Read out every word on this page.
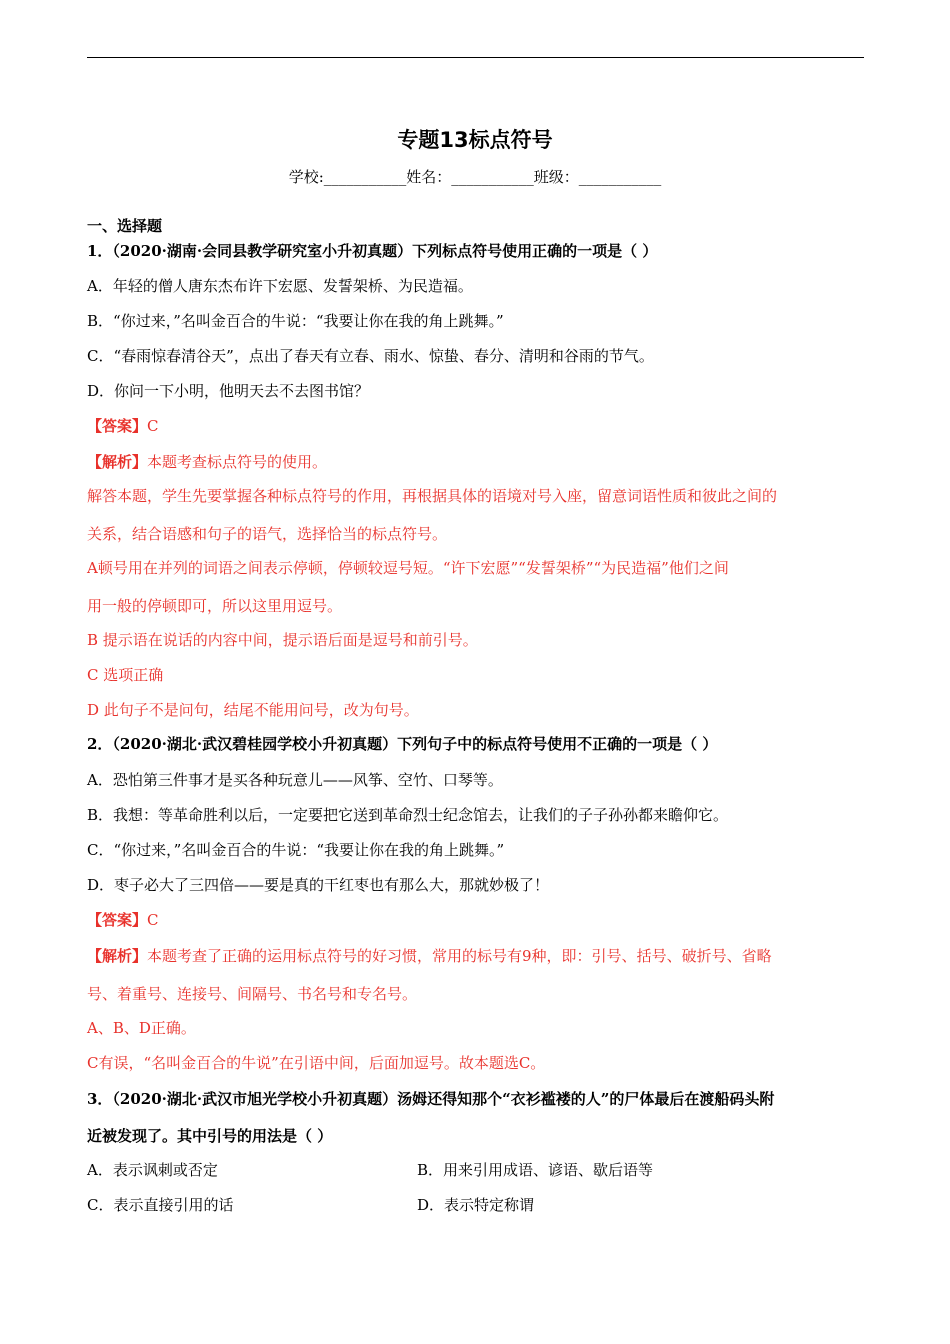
专题13标点符号
学校:___________姓名：___________班级：___________
一、选择题
1．（2020·湖南·会同县教学研究室小升初真题）下列标点符号使用正确的一项是（ ）
A．年轻的僧人唐东杰布许下宏愿、发誓架桥、为民造福。
B．“你过来，”名叫金百合的牛说：“我要让你在我的角上跳舞。”
C．“春雨惊春清谷天”，点出了春天有立春、雨水、惊蛰、春分、清明和谷雨的节气。
D．你问一下小明，他明天去不去图书馆？
【答案】C
【解析】本题考查标点符号的使用。
解答本题，学生先要掌握各种标点符号的作用，再根据具体的语境对号入座，留意词语性质和彼此之间的
关系，结合语感和句子的语气，选择恰当的标点符号。
A顿号用在并列的词语之间表示停顿，停顿较逗号短。“许下宏愿”“发誓架桥”“为民造福”他们之间
用一般的停顿即可，所以这里用逗号。
B 提示语在说话的内容中间，提示语后面是逗号和前引号。
C 选项正确
D 此句子不是问句，结尾不能用问号，改为句号。
2．（2020·湖北·武汉碧桂园学校小升初真题）下列句子中的标点符号使用不正确的一项是（ ）
A．恐怕第三件事才是买各种玩意儿——风筝、空竹、口琴等。
B．我想：等革命胜利以后，一定要把它送到革命烈士纪念馆去，让我们的子子孙孙都来瞻仰它。
C．“你过来，”名叫金百合的牛说：“我要让你在我的角上跳舞。”
D．枣子必大了三四倍——要是真的干红枣也有那么大，那就妙极了！
【答案】C
【解析】本题考查了正确的运用标点符号的好习惯，常用的标号有9种，即：引号、括号、破折号、省略
号、着重号、连接号、间隔号、书名号和专名号。
A、B、D正确。
C有误，“名叫金百合的牛说”在引语中间，后面加逗号。故本题选C。
3．（2020·湖北·武汉市旭光学校小升初真题）汤姆还得知那个“衣衫褴褛的人”的尸体最后在渡船码头附
近被发现了。其中引号的用法是（ ）
A．表示讽刺或否定	B．用来引用成语、谚语、歇后语等
C．表示直接引用的话	D．表示特定称谓
